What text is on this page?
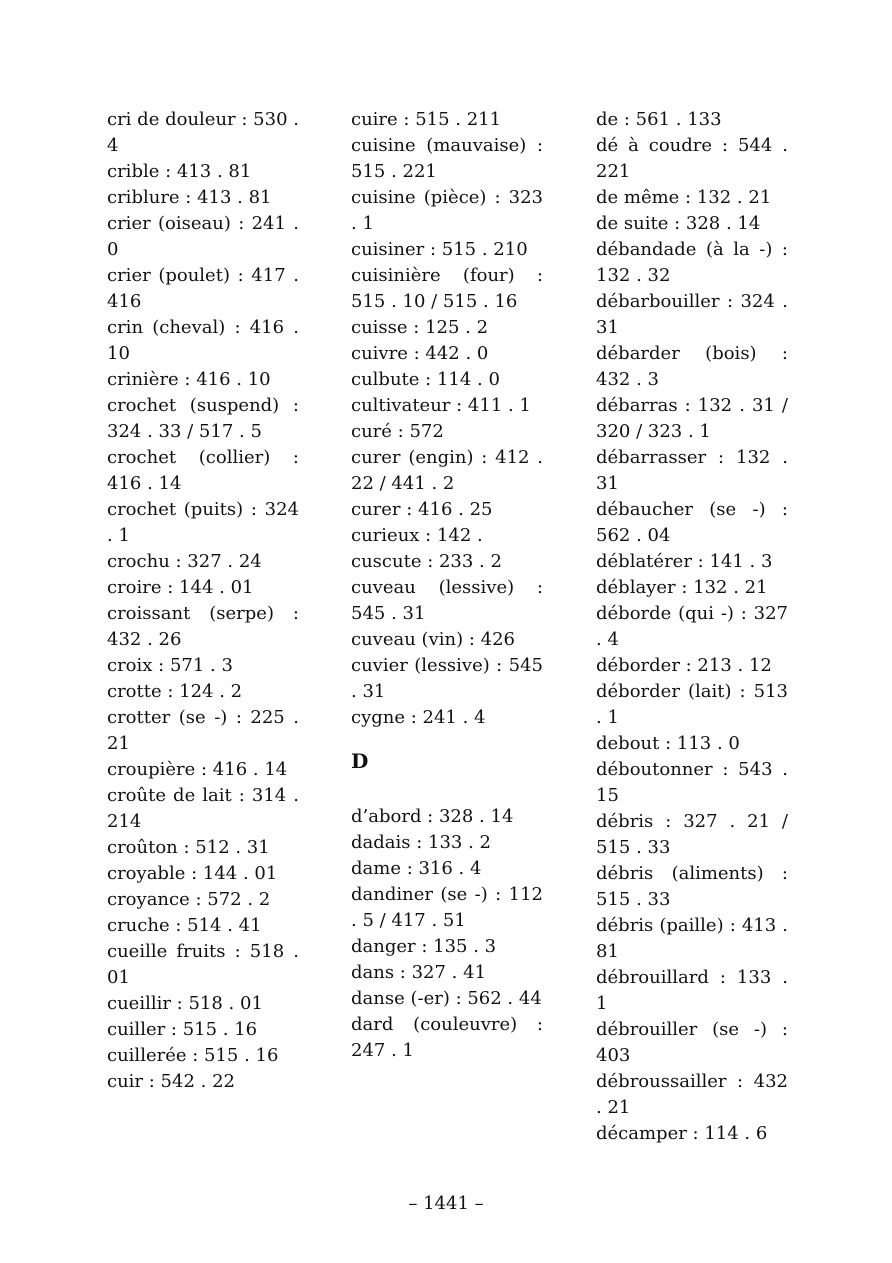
cri de douleur : 530 . 4
crible : 413 . 81
criblure : 413 . 81
crier (oiseau) : 241 . 0
crier (poulet) : 417 . 416
crin (cheval) : 416 . 10
crinière : 416 . 10
crochet (suspend) : 324 . 33 / 517 . 5
crochet (collier) : 416 . 14
crochet (puits) : 324 . 1
crochu : 327 . 24
croire : 144 . 01
croissant (serpe) : 432 . 26
croix : 571 . 3
crotte : 124 . 2
crotter (se -) : 225 . 21
croupière : 416 . 14
croûte de lait : 314 . 214
croûton : 512 . 31
croyable : 144 . 01
croyance : 572 . 2
cruche : 514 . 41
cueille fruits : 518 . 01
cueillir : 518 . 01
cuiller : 515 . 16
cuillerée : 515 . 16
cuir : 542 . 22
cuire : 515 . 211
cuisine (mauvaise) : 515 . 221
cuisine (pièce) : 323 . 1
cuisiner : 515 . 210
cuisinière (four) : 515 . 10 / 515 . 16
cuisse : 125 . 2
cuivre : 442 . 0
culbute : 114 . 0
cultivateur : 411 . 1
curé : 572
curer (engin) : 412 . 22 / 441 . 2
curer : 416 . 25
curieux : 142 .
cuscute : 233 . 2
cuveau (lessive) : 545 . 31
cuveau (vin) : 426
cuvier (lessive) : 545 . 31
cygne : 241 . 4
D
d’abord : 328 . 14
dadais : 133 . 2
dame : 316 . 4
dandiner (se -) : 112 . 5 / 417 . 51
danger : 135 . 3
dans : 327 . 41
danse (-er) : 562 . 44
dard (couleuvre) : 247 . 1
de : 561 . 133
dé à coudre : 544 . 221
de même : 132 . 21
de suite : 328 . 14
débandade (à la -) : 132 . 32
débarbouiller : 324 . 31
débarder (bois) : 432 . 3
débarras : 132 . 31 / 320 / 323 . 1
débarrasser : 132 . 31
débaucher (se -) : 562 . 04
déblatérer : 141 . 3
déblayer : 132 . 21
déborde (qui -) : 327 . 4
déborder : 213 . 12
déborder (lait) : 513 . 1
debout : 113 . 0
déboutonner : 543 . 15
débris : 327 . 21 / 515 . 33
débris (aliments) : 515 . 33
débris (paille) : 413 . 81
débrouillard : 133 . 1
débrouiller (se -) : 403
débroussailler : 432 . 21
décamper : 114 . 6
– 1441 –
